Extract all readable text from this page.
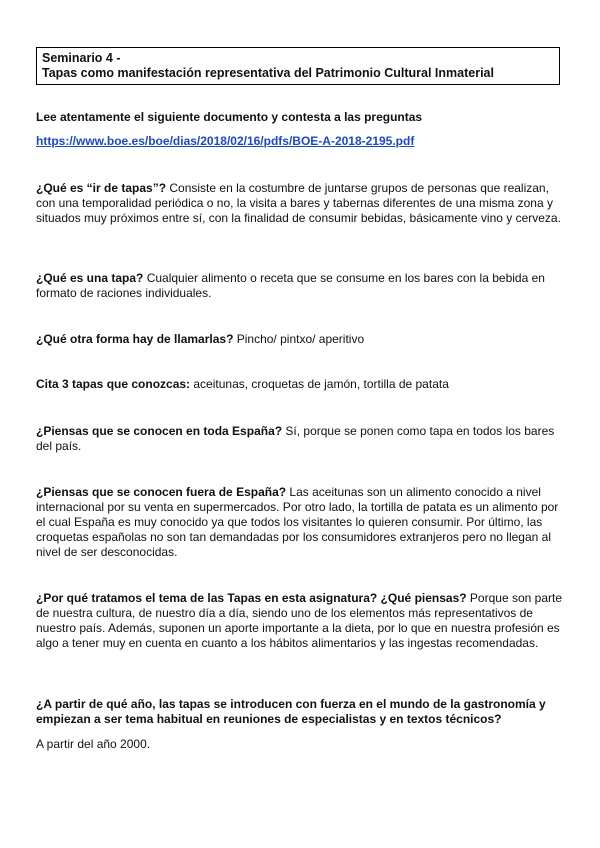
Seminario 4 -
Tapas como manifestación representativa del Patrimonio Cultural Inmaterial
Lee atentamente el siguiente documento y contesta a las preguntas
https://www.boe.es/boe/dias/2018/02/16/pdfs/BOE-A-2018-2195.pdf
¿Qué es “ir de tapas”? Consiste en la costumbre de juntarse grupos de personas que realizan, con una temporalidad periódica o no, la visita a bares y tabernas diferentes de una misma zona y situados muy próximos entre sí, con la finalidad de consumir bebidas, básicamente vino y cerveza.
¿Qué es una tapa? Cualquier alimento o receta que se consume en los bares con la bebida en formato de raciones individuales.
¿Qué otra forma hay de llamarlas? Pincho/ pintxo/ aperitivo
Cita 3 tapas que conozcas: aceitunas, croquetas de jamón, tortilla de patata
¿Piensas que se conocen en toda España? Sí, porque se ponen como tapa en todos los bares del país.
¿Piensas que se conocen fuera de España? Las aceitunas son un alimento conocido a nivel internacional por su venta en supermercados. Por otro lado, la tortilla de patata es un alimento por el cual España es muy conocido ya que todos los visitantes lo quieren consumir. Por último, las croquetas españolas no son tan demandadas por los consumidores extranjeros pero no llegan al nivel de ser desconocidas.
¿Por qué tratamos el tema de las Tapas en esta asignatura? ¿Qué piensas? Porque son parte de nuestra cultura, de nuestro día a día, siendo uno de los elementos más representativos de nuestro país. Además, suponen un aporte importante a la dieta, por lo que en nuestra profesión es algo a tener muy en cuenta en cuanto a los hábitos alimentarios y las ingestas recomendadas.
¿A partir de qué año, las tapas se introducen con fuerza en el mundo de la gastronomía y empiezan a ser tema habitual en reuniones de especialistas y en textos técnicos?
A partir del año 2000.
